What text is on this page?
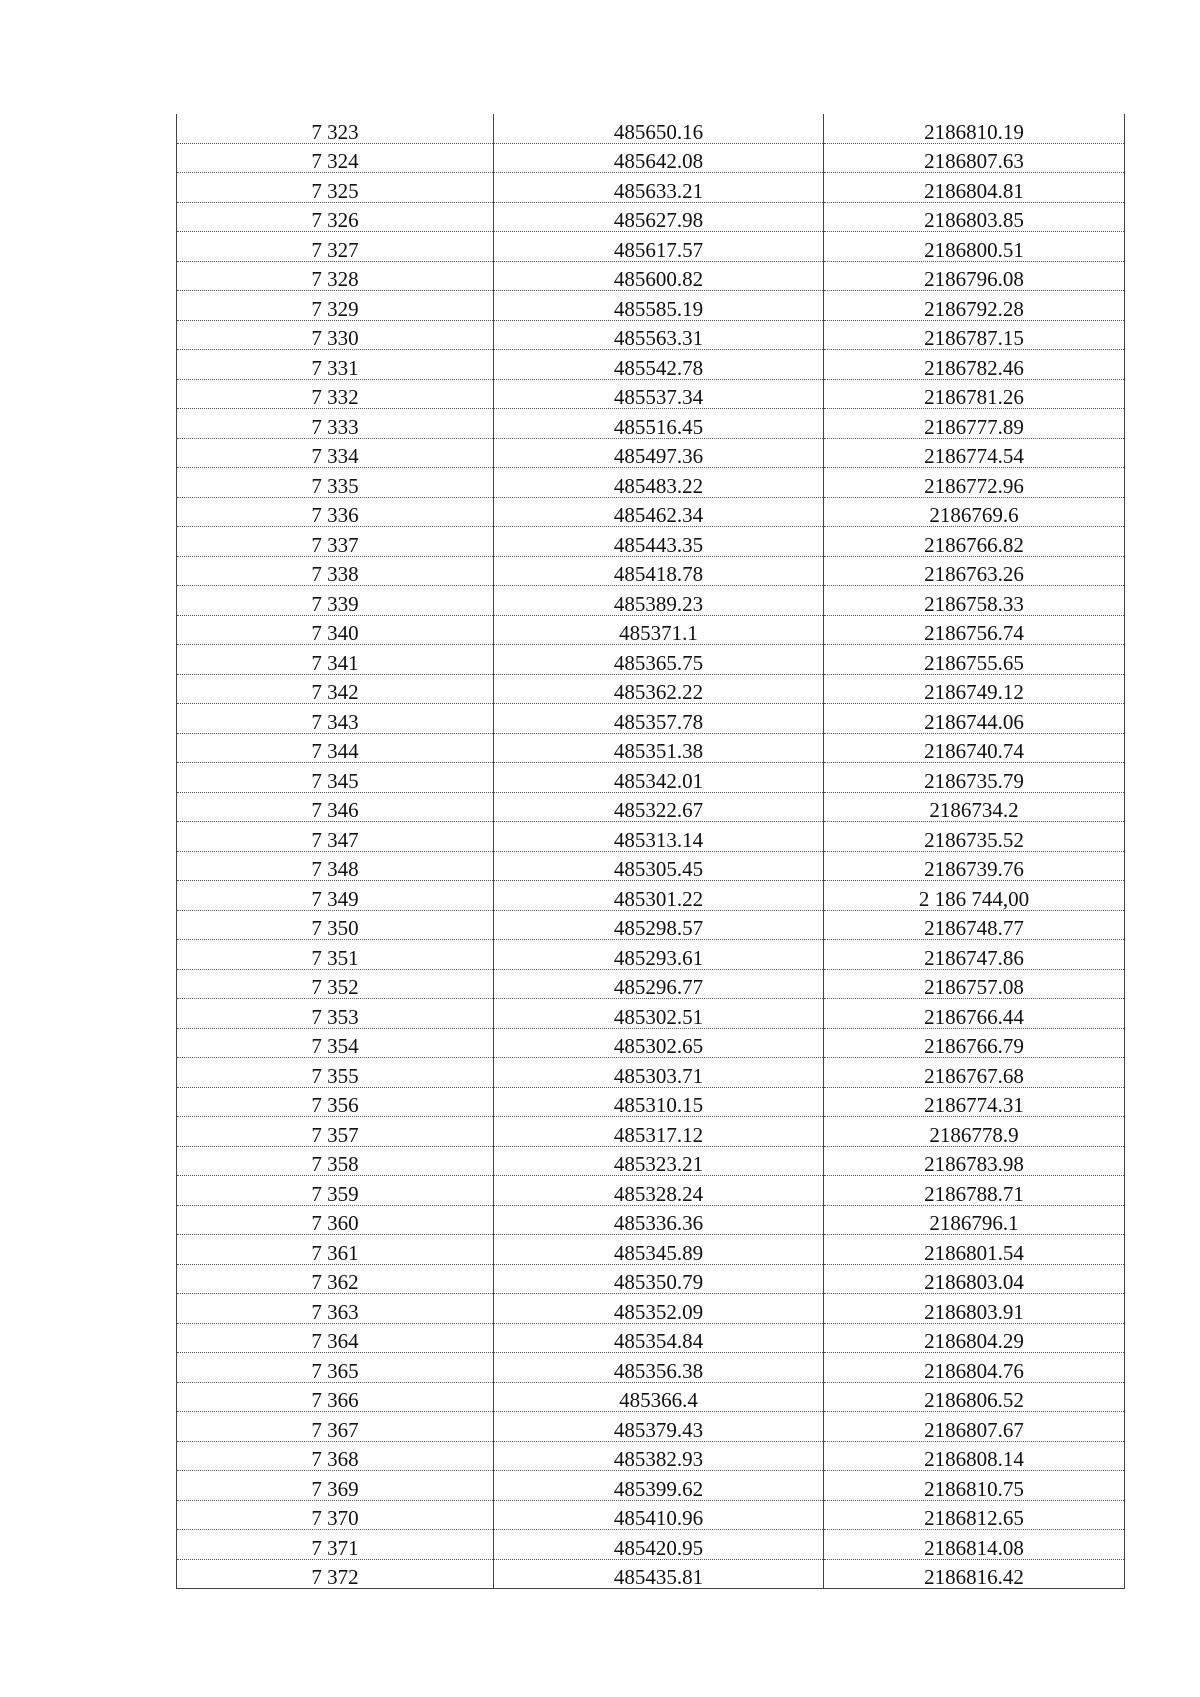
7 323	485650.16	2186810.19
7 324	485642.08	2186807.63
7 325	485633.21	2186804.81
7 326	485627.98	2186803.85
7 327	485617.57	2186800.51
7 328	485600.82	2186796.08
7 329	485585.19	2186792.28
7 330	485563.31	2186787.15
7 331	485542.78	2186782.46
7 332	485537.34	2186781.26
7 333	485516.45	2186777.89
7 334	485497.36	2186774.54
7 335	485483.22	2186772.96
7 336	485462.34	2186769.6
7 337	485443.35	2186766.82
7 338	485418.78	2186763.26
7 339	485389.23	2186758.33
7 340	485371.1	2186756.74
7 341	485365.75	2186755.65
7 342	485362.22	2186749.12
7 343	485357.78	2186744.06
7 344	485351.38	2186740.74
7 345	485342.01	2186735.79
7 346	485322.67	2186734.2
7 347	485313.14	2186735.52
7 348	485305.45	2186739.76
7 349	485301.22	2 186 744,00
7 350	485298.57	2186748.77
7 351	485293.61	2186747.86
7 352	485296.77	2186757.08
7 353	485302.51	2186766.44
7 354	485302.65	2186766.79
7 355	485303.71	2186767.68
7 356	485310.15	2186774.31
7 357	485317.12	2186778.9
7 358	485323.21	2186783.98
7 359	485328.24	2186788.71
7 360	485336.36	2186796.1
7 361	485345.89	2186801.54
7 362	485350.79	2186803.04
7 363	485352.09	2186803.91
7 364	485354.84	2186804.29
7 365	485356.38	2186804.76
7 366	485366.4	2186806.52
7 367	485379.43	2186807.67
7 368	485382.93	2186808.14
7 369	485399.62	2186810.75
7 370	485410.96	2186812.65
7 371	485420.95	2186814.08
7 372	485435.81	2186816.42
